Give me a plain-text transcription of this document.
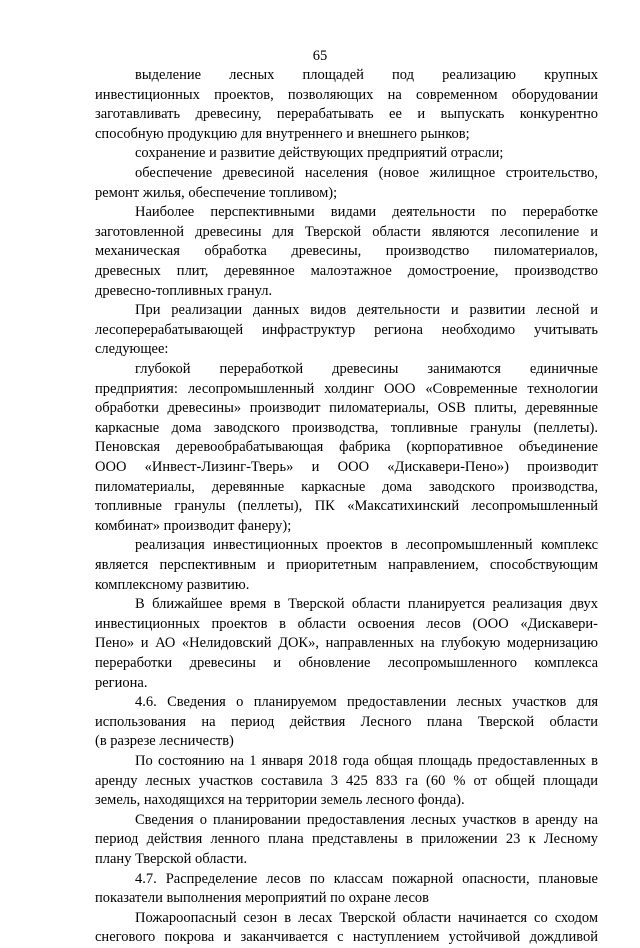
65
выделение лесных площадей под реализацию крупных
инвестиционных проектов, позволяющих на современном оборудовании
заготавливать древесину, перерабатывать ее и выпускать конкурентно
способную продукцию для внутреннего и внешнего рынков;
сохранение и развитие действующих предприятий отрасли;
обеспечение древесиной населения (новое жилищное строительство,
ремонт жилья, обеспечение топливом);
Наиболее перспективными видами деятельности по переработке
заготовленной древесины для Тверской области являются лесопиление и
механическая обработка древесины, производство пиломатериалов,
древесных плит, деревянное малоэтажное домостроение, производство
древесно-топливных гранул.
При реализации данных видов деятельности и развитии лесной и
лесоперерабатывающей инфраструктур региона необходимо учитывать
следующее:
глубокой переработкой древесины занимаются единичные
предприятия: лесопромышленный холдинг ООО «Современные технологии
обработки древесины» производит пиломатериалы, OSB плиты, деревянные
каркасные дома заводского производства, топливные гранулы (пеллеты).
Пеновская деревообрабатывающая фабрика (корпоративное объединение
ООО «Инвест-Лизинг-Тверь» и ООО «Дискавери-Пено») производит
пиломатериалы, деревянные каркасные дома заводского производства,
топливные гранулы (пеллеты), ПК «Максатихинский лесопромышленный
комбинат» производит фанеру);
реализация инвестиционных проектов в лесопромышленный комплекс
является перспективным и приоритетным направлением, способствующим
комплексному развитию.
В ближайшее время в Тверской области планируется реализация двух
инвестиционных проектов в области освоения лесов (ООО «Дискавери-
Пено» и АО «Нелидовский ДОК», направленных на глубокую модернизацию
переработки древесины и обновление лесопромышленного комплекса
региона.
4.6. Сведения о планируемом предоставлении лесных участков для
использования на период действия Лесного плана Тверской области
(в разрезе лесничеств)
По состоянию на 1 января 2018 года общая площадь предоставленных в
аренду лесных участков составила 3 425 833 га (60 % от общей площади
земель, находящихся на территории земель лесного фонда).
Сведения о планировании предоставления лесных участков в аренду на
период действия ленного плана представлены в приложении 23 к Лесному
плану Тверской области.
4.7. Распределение лесов по классам пожарной опасности, плановые
показатели выполнения мероприятий по охране лесов
Пожароопасный сезон в лесах Тверской области начинается со сходом
снегового покрова и заканчивается с наступлением устойчивой дождливой
